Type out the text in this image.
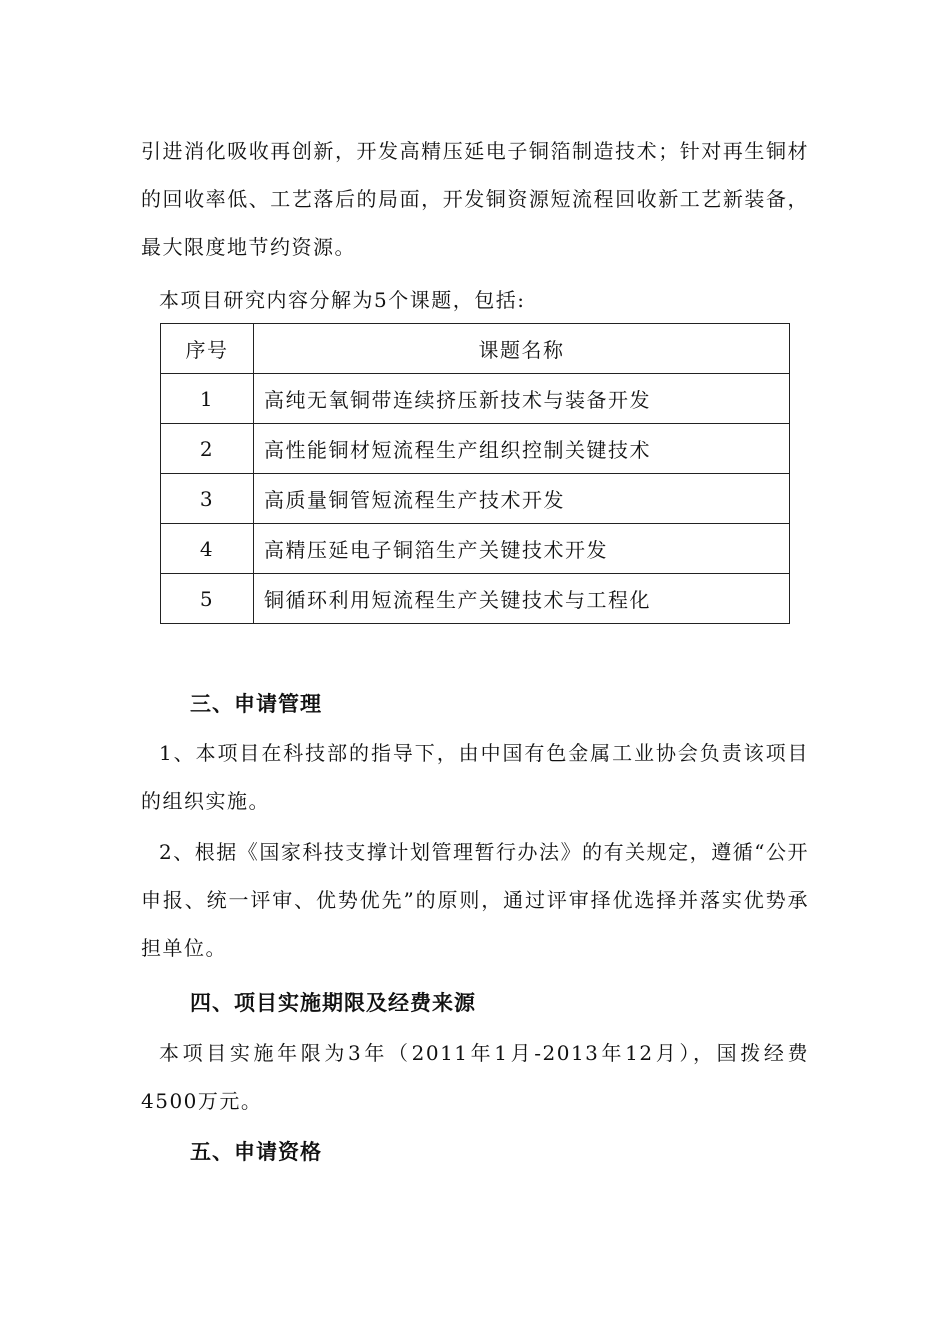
引进消化吸收再创新，开发高精压延电子铜箔制造技术；针对再生铜材的回收率低、工艺落后的局面，开发铜资源短流程回收新工艺新装备，最大限度地节约资源。

本项目研究内容分解为5个课题，包括:

序号	课题名称
1	高纯无氧铜带连续挤压新技术与装备开发
2	高性能铜材短流程生产组织控制关键技术
3	高质量铜管短流程生产技术开发
4	高精压延电子铜箔生产关键技术开发
5	铜循环利用短流程生产关键技术与工程化
三、申请管理

1、本项目在科技部的指导下，由中国有色金属工业协会负责该项目的组织实施。

2、根据《国家科技支撑计划管理暂行办法》的有关规定，遵循“公开申报、统一评审、优势优先”的原则，通过评审择优选择并落实优势承担单位。

四、项目实施期限及经费来源

本项目实施年限为3年（2011年1月-2013年12月），国拨经费4500万元。

五、申请资格
